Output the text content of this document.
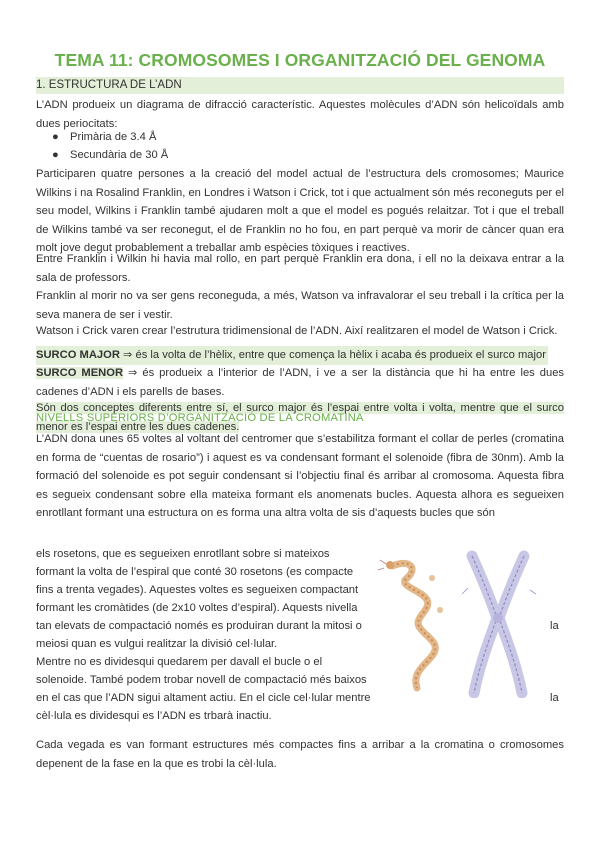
TEMA 11: CROMOSOMES I ORGANITZACIÓ DEL GENOMA
1. ESTRUCTURA DE L’ADN

L’ADN produeix un diagrama de difracció característic. Aquestes molècules d’ADN són helicoïdals amb dues periocitats:

● Primària de 3.4 Å
● Secundària de 30 Å

Participaren quatre persones a la creació del model actual de l’estructura dels cromosomes; Maurice Wilkins i na Rosalind Franklin, en Londres i Watson i Crick, tot i que actualment són més reconeguts per el seu model, Wilkins i Franklin també ajudaren molt a que el model es pogués relaitzar. Tot i que el treball de Wilkins també va ser reconegut, el de Franklin no ho fou, en part perquè va morir de càncer quan era molt jove degut probablement a treballar amb espècies tòxiques i reactives.

Entre Franklin i Wilkin hi havia mal rollo, en part perquè Franklin era dona, i ell no la deixava entrar a la sala de professors.

Franklin al morir no va ser gens reconeguda, a més, Watson va infravalorar el seu treball i la crítica per la seva manera de ser i vestir.

Watson i Crick varen crear l’estrutura tridimensional de l’ADN. Així realitzaren el model de Watson i Crick.

SURCO MAJOR ⇒ és la volta de l’hèlix, entre que comença la hèlix i acaba és produeix el surco major

SURCO MENOR ⇒ és produeix a l’interior de l’ADN, i ve a ser la distància que hi ha entre les dues cadenes d’ADN i els parells de bases.

Són dos conceptes diferents entre sí, el surco major és l’espai entre volta i volta, mentre que el surco menor es l’espai entre les dues cadenes.

NIVELLS SUPERIORS D’ORGANITZACIÓ DE LA CROMATINA

L’ADN dona unes 65 voltes al voltant del centromer que s’estabilitza formant el collar de perles (cromatina en forma de “cuentas de rosario”) i aquest es va condensant formant el solenoide (fibra de 30nm). Amb la formació del solenoide es pot seguir condensant si l’objectiu final és arribar al cromosoma. Aquesta fibra es segueix condensant sobre ella mateixa formant els anomenats bucles. Aquesta alhora es segueixen enrotllant formant una estructura on es forma una altra volta de sis d’aquests bucles que són

els rosetons, que es segueixen enrotllant sobre si mateixos
formant la volta de l’espiral que conté 30 rosetons (es compacte
fins a trenta vegades). Aquestes voltes es segueixen compactant
formant les cromàtides (de 2x10 voltes d’espiral). Aquests nivella
tan elevats de compactació només es produiran durant la mitosi o
meiosi quan es vulgui realitzar la divisió cel·lular.
Mentre no es dividesqui quedarem per davall el bucle o el
solenoide. També podem trobar novell de compactació més baixos
en el cas que l’ADN sigui altament actiu. En el cicle cel·lular mentre
cèl·lula es dividesqui es l’ADN es trbarà inactiu.
la
la

Cada vegada es van formant estructures més compactes fins a arribar a la cromatina o cromosomes depenent de la fase en la que es trobi la cèl·lula.
